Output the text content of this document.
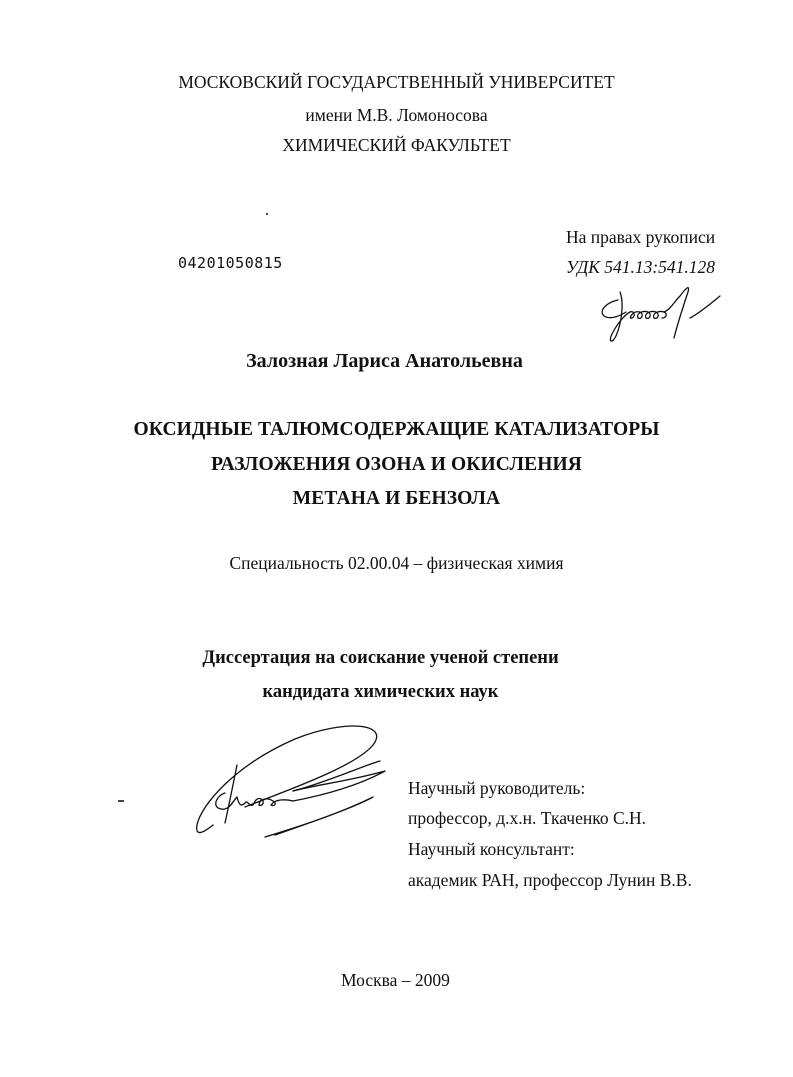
МОСКОВСКИЙ ГОСУДАРСТВЕННЫЙ УНИВЕРСИТЕТ
имени М.В. Ломоносова
ХИМИЧЕСКИЙ ФАКУЛЬТЕТ
04201050815
На правах рукописи
УДК 541.13:541.128
Залозная Лариса Анатольевна
ОКСИДНЫЕ ТАЛЮМСОДЕРЖАЩИЕ КАТАЛИЗАТОРЫ
РАЗЛОЖЕНИЯ ОЗОНА И ОКИСЛЕНИЯ
МЕТАНА И БЕНЗОЛА
Специальность 02.00.04 – физическая химия
Диссертация на соискание ученой степени
кандидата химических наук
Научный руководитель:
профессор, д.х.н. Ткаченко С.Н.
Научный консультант:
академик РАН, профессор Лунин В.В.
Москва – 2009
